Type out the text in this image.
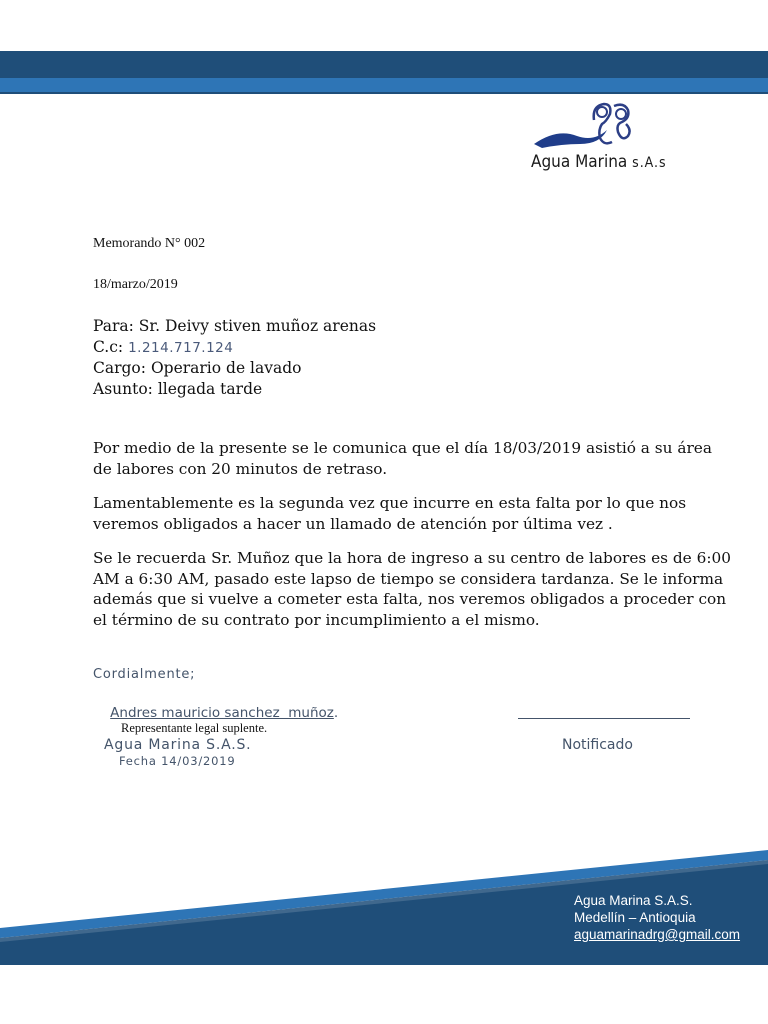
Agua Marina s.A.s
Memorando N° 002
18/marzo/2019
Para: Sr. Deivy stiven muñoz arenas
C.c: 1.214.717.124
Cargo: Operario de lavado
Asunto: llegada tarde
Por medio de la presente se le comunica que el día 18/03/2019 asistió a su área
de labores con 20 minutos de retraso.
Lamentablemente es la segunda vez que incurre en esta falta por lo que nos
veremos obligados a hacer un llamado de atención por última vez .
Se le recuerda Sr. Muñoz que la hora de ingreso a su centro de labores es de 6:00
AM a 6:30 AM, pasado este lapso de tiempo se considera tardanza. Se le informa
además que si vuelve a cometer esta falta, nos veremos obligados a proceder con
el término de su contrato por incumplimiento a el mismo.
Cordialmente;
Andres mauricio sanchez  muñoz.
Representante legal suplente.
Agua Marina S.A.S.
Fecha 14/03/2019
Notificado
Agua Marina S.A.S.
Medellín – Antioquia
aguamarinadrg@gmail.com
